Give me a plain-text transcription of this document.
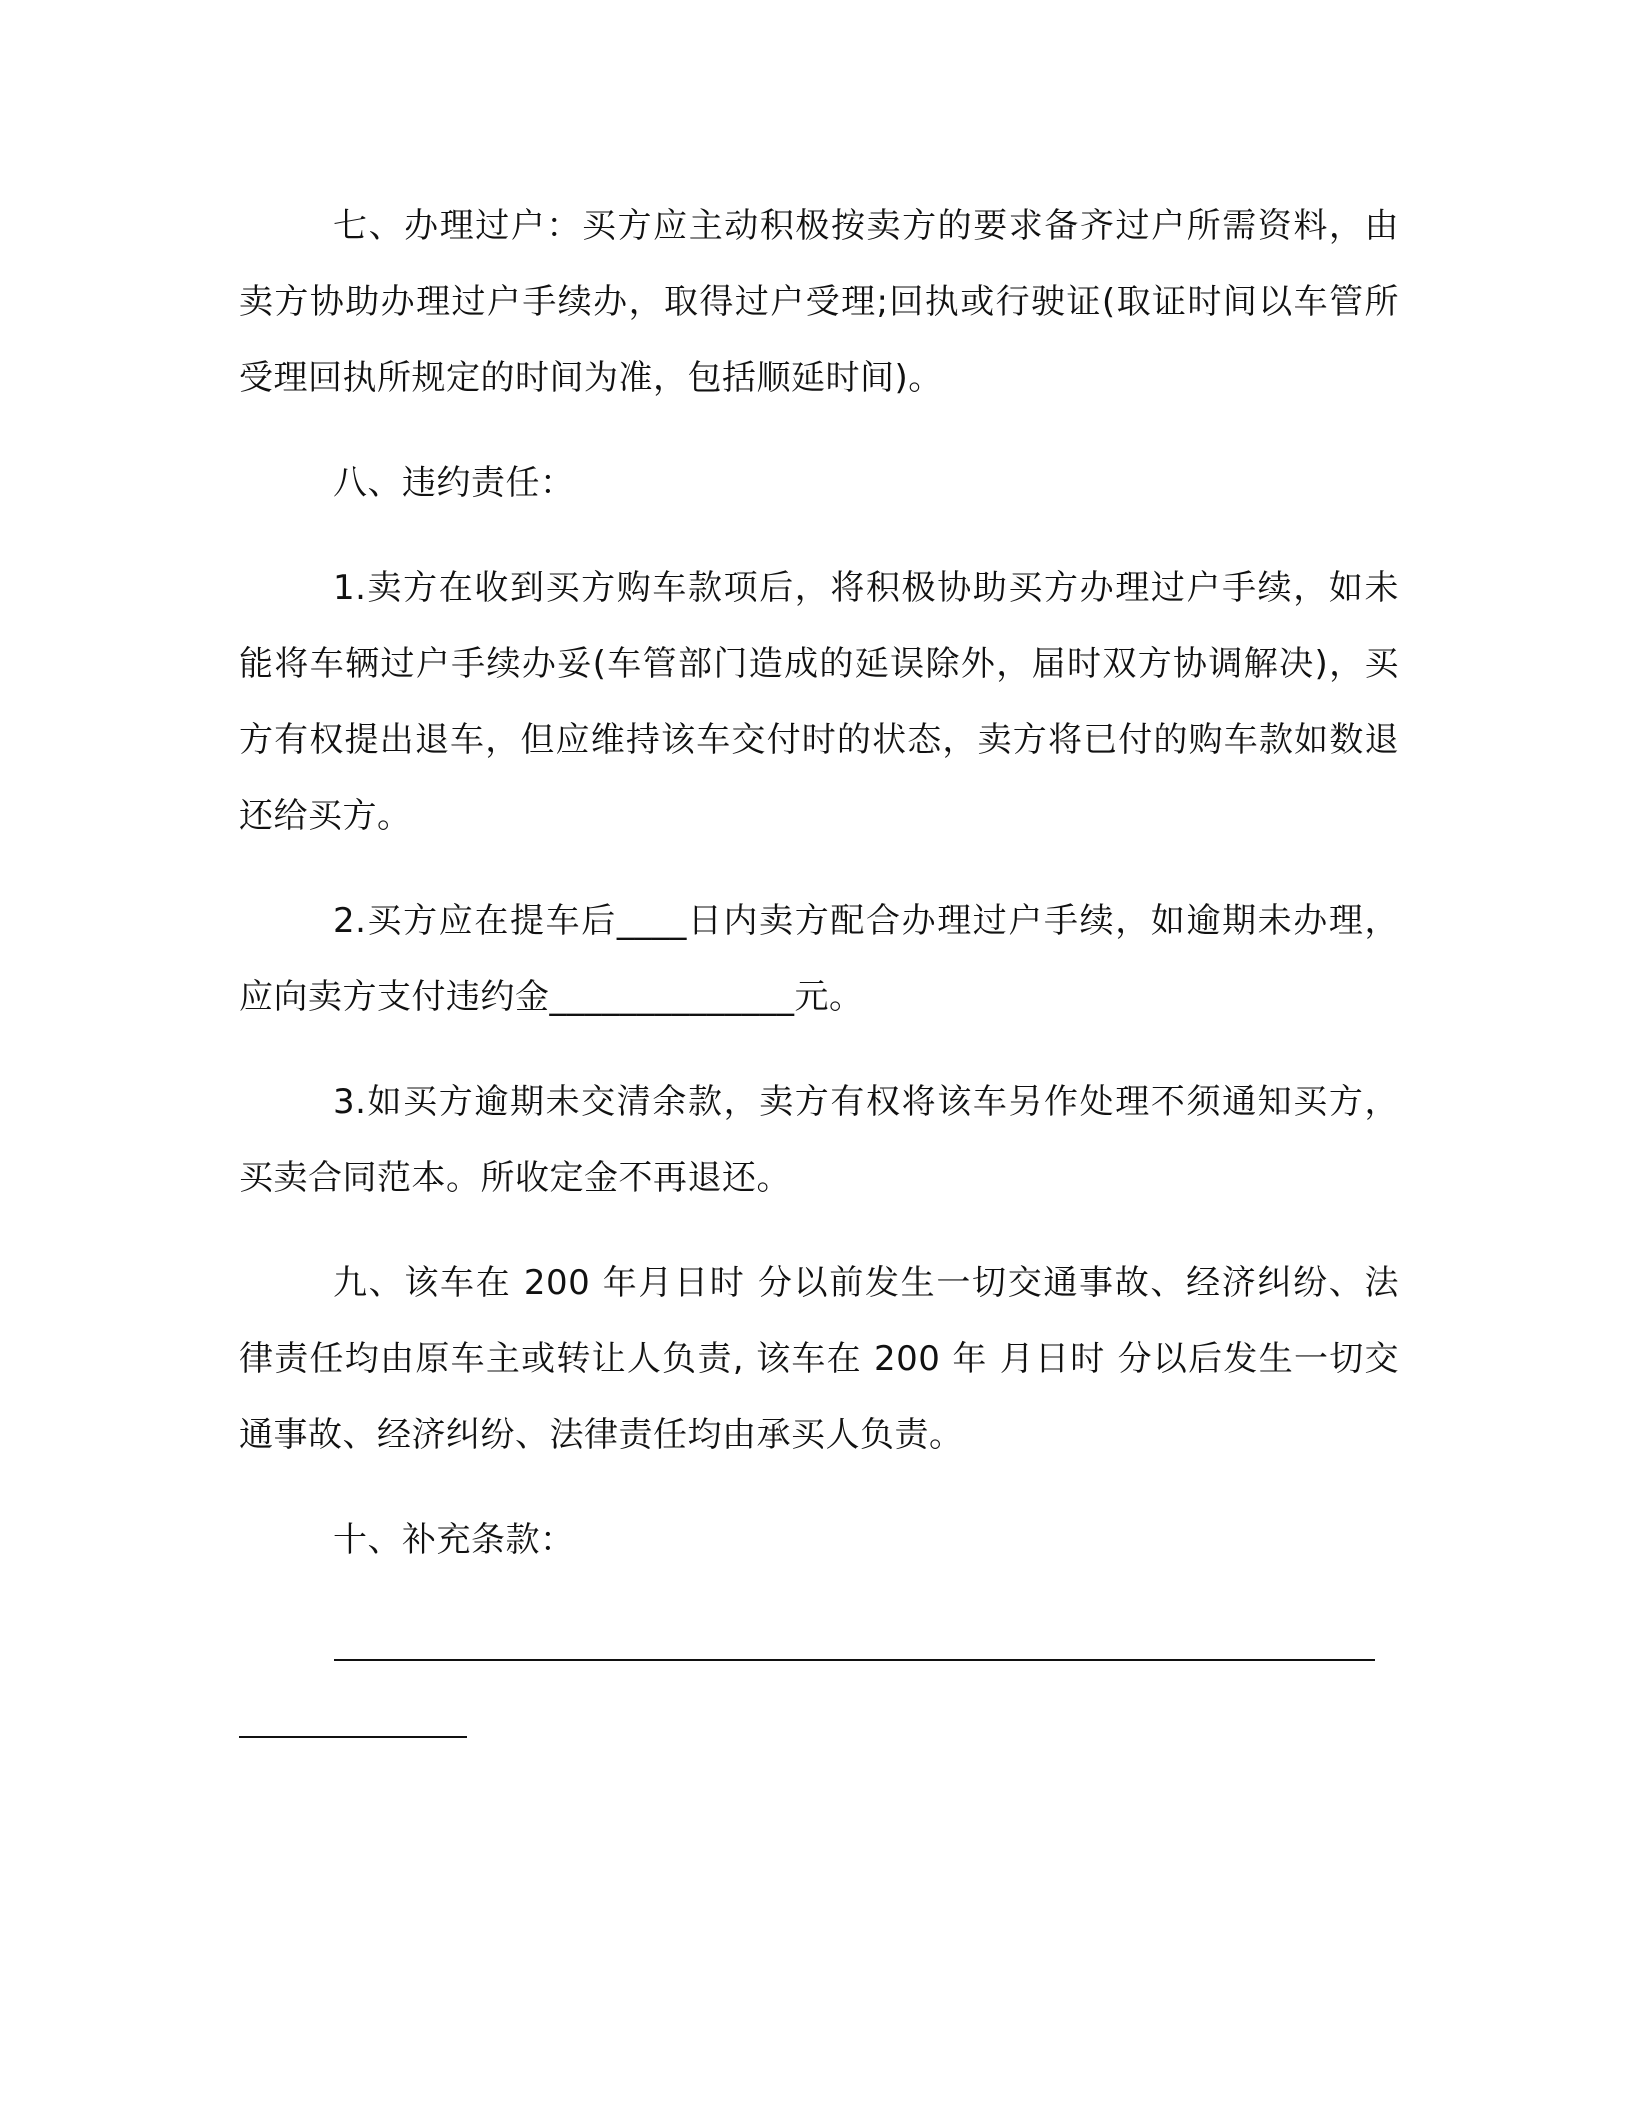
七、办理过户：买方应主动积极按卖方的要求备齐过户所需资料，由卖方协助办理过户手续办，取得过户受理;回执或行驶证(取证时间以车管所受理回执所规定的时间为准，包括顺延时间)。

八、违约责任：

1.卖方在收到买方购车款项后，将积极协助买方办理过户手续，如未能将车辆过户手续办妥(车管部门造成的延误除外，届时双方协调解决)，买方有权提出退车，但应维持该车交付时的状态，卖方将已付的购车款如数退还给买方。

2.买方应在提车后____日内卖方配合办理过户手续，如逾期未办理，应向卖方支付违约金______________元。

3.如买方逾期未交清余款，卖方有权将该车另作处理不须通知买方，买卖合同范本。所收定金不再退还。

九、该车在 200 年月日时 分以前发生一切交通事故、经济纠纷、法律责任均由原车主或转让人负责, 该车在 200 年 月日时 分以后发生一切交通事故、经济纠纷、法律责任均由承买人负责。

十、补充条款：
